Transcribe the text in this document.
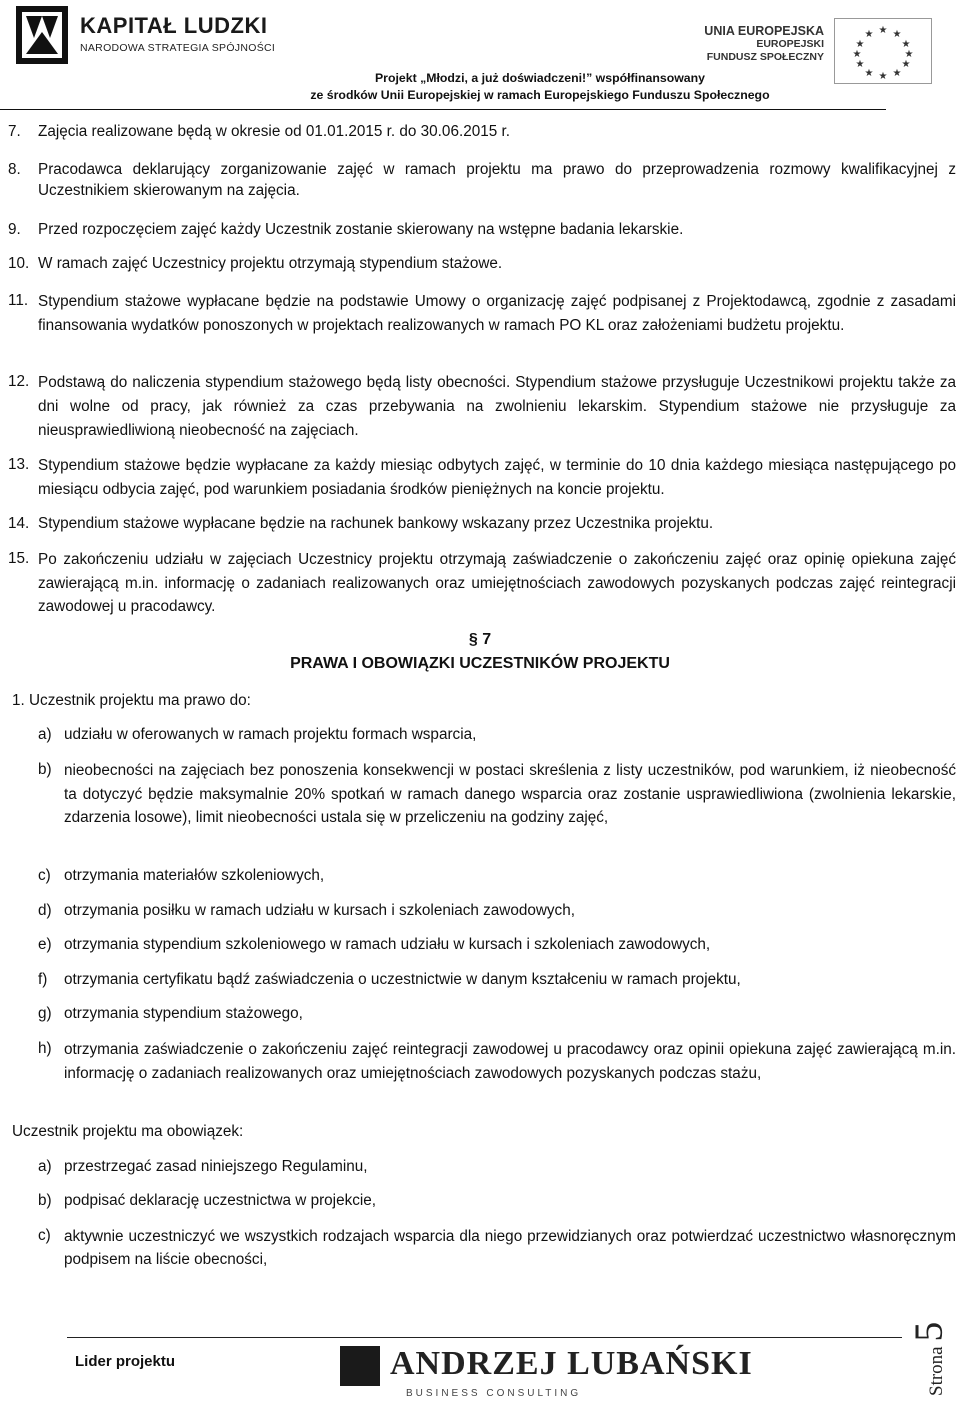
KAPITAŁ LUDZKI
NARODOWA STRATEGIA SPÓJNOŚCI
UNIA EUROPEJSKA
EUROPEJSKI
FUNDUSZ SPOŁECZNY
★ ★
★
★
★
★
★
★
★
★
★
★
Projekt „Młodzi, a już doświadczeni!” współfinansowany
ze środków Unii Europejskiej w ramach Europejskiego Funduszu Społecznego
7. Zajęcia realizowane będą w okresie od 01.01.2015 r. do 30.06.2015 r.
8. Pracodawca deklarujący zorganizowanie zajęć w ramach projektu ma prawo do przeprowadzenia rozmowy kwalifikacyjnej z Uczestnikiem skierowanym na zajęcia.
9. Przed rozpoczęciem zajęć każdy Uczestnik zostanie skierowany na wstępne badania lekarskie.
10. W ramach zajęć Uczestnicy projektu otrzymają stypendium stażowe.
11. Stypendium stażowe wypłacane będzie na podstawie Umowy o organizację zajęć podpisanej z Projektodawcą, zgodnie z zasadami finansowania wydatków ponoszonych w projektach realizowanych w ramach PO KL oraz założeniami budżetu projektu.
12. Podstawą do naliczenia stypendium stażowego będą listy obecności. Stypendium stażowe przysługuje Uczestnikowi projektu także za dni wolne od pracy, jak również za czas przebywania na zwolnieniu lekarskim. Stypendium stażowe nie przysługuje za nieusprawiedliwioną nieobecność na zajęciach.
13. Stypendium stażowe będzie wypłacane za każdy miesiąc odbytych zajęć, w terminie do 10 dnia każdego miesiąca następującego po miesiącu odbycia zajęć, pod warunkiem posiadania środków pieniężnych na koncie projektu.
14. Stypendium stażowe wypłacane będzie na rachunek bankowy wskazany przez Uczestnika projektu.
15. Po zakończeniu udziału w zajęciach Uczestnicy projektu otrzymają zaświadczenie o zakończeniu zajęć oraz opinię opiekuna zajęć zawierającą m.in. informację o zadaniach realizowanych oraz umiejętnościach zawodowych pozyskanych podczas zajęć reintegracji zawodowej u pracodawcy.
§ 7
PRAWA I OBOWIĄZKI UCZESTNIKÓW PROJEKTU
1. Uczestnik projektu ma prawo do:
a) udziału w oferowanych w ramach projektu formach wsparcia,
b) nieobecności na zajęciach bez ponoszenia konsekwencji w postaci skreślenia z listy uczestników, pod warunkiem, iż nieobecność ta dotyczyć będzie maksymalnie 20% spotkań w ramach danego wsparcia oraz zostanie usprawiedliwiona (zwolnienia lekarskie, zdarzenia losowe), limit nieobecności ustala się w przeliczeniu na godziny zajęć,
c) otrzymania materiałów szkoleniowych,
d) otrzymania posiłku w ramach udziału w kursach i szkoleniach zawodowych,
e) otrzymania stypendium szkoleniowego w ramach udziału w kursach i szkoleniach zawodowych,
f) otrzymania certyfikatu bądź zaświadczenia o uczestnictwie w danym kształceniu w ramach projektu,
g) otrzymania stypendium stażowego,
h) otrzymania zaświadczenie o zakończeniu zajęć reintegracji zawodowej u pracodawcy oraz opinii opiekuna zajęć zawierającą m.in. informację o zadaniach realizowanych oraz umiejętnościach zawodowych pozyskanych podczas stażu,
Uczestnik projektu ma obowiązek:
a) przestrzegać zasad niniejszego Regulaminu,
b) podpisać deklarację uczestnictwa w projekcie,
c) aktywnie uczestniczyć we wszystkich rodzajach wsparcia dla niego przewidzianych oraz potwierdzać uczestnictwo własnoręcznym podpisem na liście obecności,
Lider projektu	ANDRZEJ LUBAŃSKI
BUSINESS CONSULTING	Strona 5
